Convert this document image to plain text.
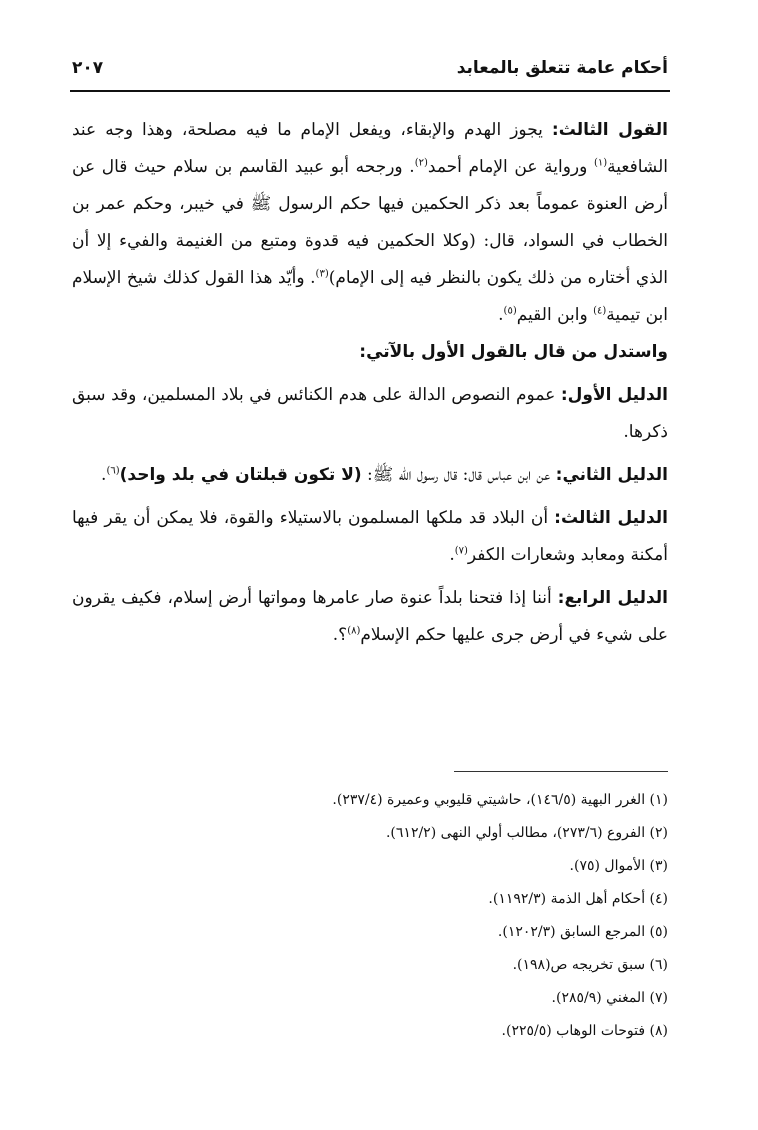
أحكام عامة تتعلق بالمعابد
٢٠٧

القول الثالث: يجوز الهدم والإبقاء، ويفعل الإمام ما فيه مصلحة، وهذا وجه عند الشافعية$^{(١)}$ ورواية عن الإمام أحمد$^{(٢)}$. ورجحه أبو عبيد القاسم بن سلام حيث قال عن أرض العنوة عموماً بعد ذكر الحكمين فيها حكم الرسول ﷺ في خيبر، وحكم عمر بن الخطاب في السواد، قال: (وكلا الحكمين فيه قدوة ومتبع من الغنيمة والفيء إلا أن الذي أختاره من ذلك يكون بالنظر فيه إلى الإمام)$^{(٣)}$. وأيّد هذا القول كذلك شيخ الإسلام ابن تيمية$^{(٤)}$ وابن القيم$^{(٥)}$.

واستدل من قال بالقول الأول بالآتي:

الدليل الأول: عموم النصوص الدالة على هدم الكنائس في بلاد المسلمين، وقد سبق ذكرها.

الدليل الثاني: عن ابن عباس قال: قال رسول الله ﷺ: (لا تكون قبلتان في بلد واحد)$^{(٦)}$.

الدليل الثالث: أن البلاد قد ملكها المسلمون بالاستيلاء والقوة، فلا يمكن أن يقر فيها أمكنة ومعابد وشعارات الكفر$^{(٧)}$.

الدليل الرابع: أننا إذا فتحنا بلداً عنوة صار عامرها ومواتها أرض إسلام، فكيف يقرون على شيء في أرض جرى عليها حكم الإسلام$^{(٨)}$؟.

(١) الغرر البهية (١٤٦/٥)، حاشيتي قليوبي وعميرة (٢٣٧/٤).
(٢) الفروع (٢٧٣/٦)، مطالب أولي النهى (٦١٢/٢).
(٣) الأموال (٧٥).
(٤) أحكام أهل الذمة (١١٩٢/٣).
(٥) المرجع السابق (١٢٠٢/٣).
(٦) سبق تخريجه ص(١٩٨).
(٧) المغني (٢٨٥/٩).
(٨) فتوحات الوهاب (٢٢٥/٥).
